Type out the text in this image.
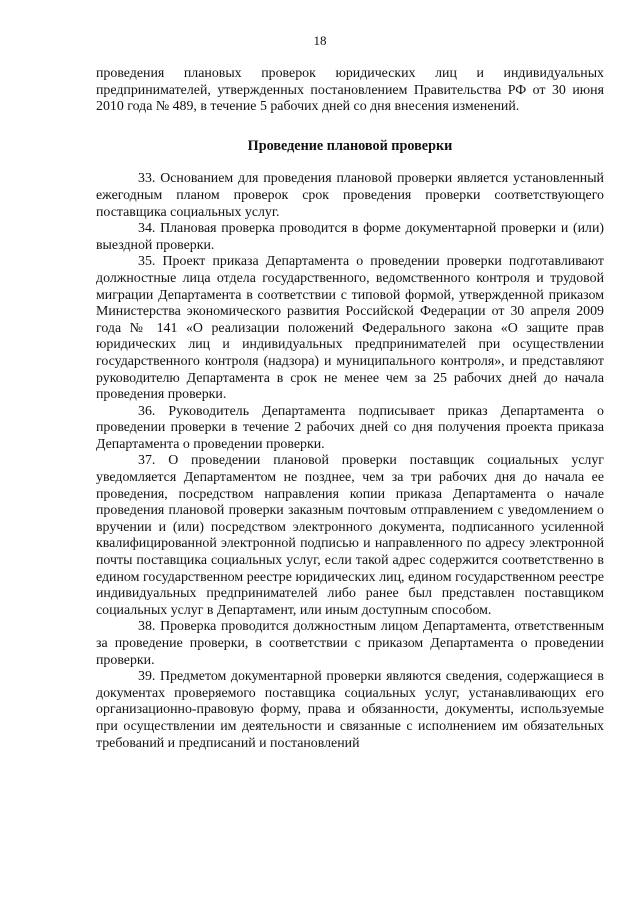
18

проведения плановых проверок юридических лиц и индивидуальных предпринимателей, утвержденных постановлением Правительства РФ от 30 июня 2010 года № 489, в течение 5 рабочих дней со дня внесения изменений.

Проведение плановой проверки

33. Основанием для проведения плановой проверки является установленный ежегодным планом проверок срок проведения проверки соответствующего поставщика социальных услуг.

34. Плановая проверка проводится в форме документарной проверки и (или) выездной проверки.

35. Проект приказа Департамента о проведении проверки подготавливают должностные лица отдела государственного, ведомственного контроля и трудовой миграции Департамента в соответствии с типовой формой, утвержденной приказом Министерства экономического развития Российской Федерации от 30 апреля 2009 года № 141 «О реализации положений Федерального закона «О защите прав юридических лиц и индивидуальных предпринимателей при осуществлении государственного контроля (надзора) и муниципального контроля», и представляют руководителю Департамента в срок не менее чем за 25 рабочих дней до начала проведения проверки.

36. Руководитель Департамента подписывает приказ Департамента о проведении проверки в течение 2 рабочих дней со дня получения проекта приказа Департамента о проведении проверки.

37. О проведении плановой проверки поставщик социальных услуг уведомляется Департаментом не позднее, чем за три рабочих дня до начала ее проведения, посредством направления копии приказа Департамента о начале проведения плановой проверки заказным почтовым отправлением с уведомлением о вручении и (или) посредством электронного документа, подписанного усиленной квалифицированной электронной подписью и направленного по адресу электронной почты поставщика социальных услуг, если такой адрес содержится соответственно в едином государственном реестре юридических лиц, едином государственном реестре индивидуальных предпринимателей либо ранее был представлен поставщиком социальных услуг в Департамент, или иным доступным способом.

38. Проверка проводится должностным лицом Департамента, ответственным за проведение проверки, в соответствии с приказом Департамента о проведении проверки.

39. Предметом документарной проверки являются сведения, содержащиеся в документах проверяемого поставщика социальных услуг, устанавливающих его организационно-правовую форму, права и обязанности, документы, используемые при осуществлении им деятельности и связанные с исполнением им обязательных требований и предписаний и постановлений
